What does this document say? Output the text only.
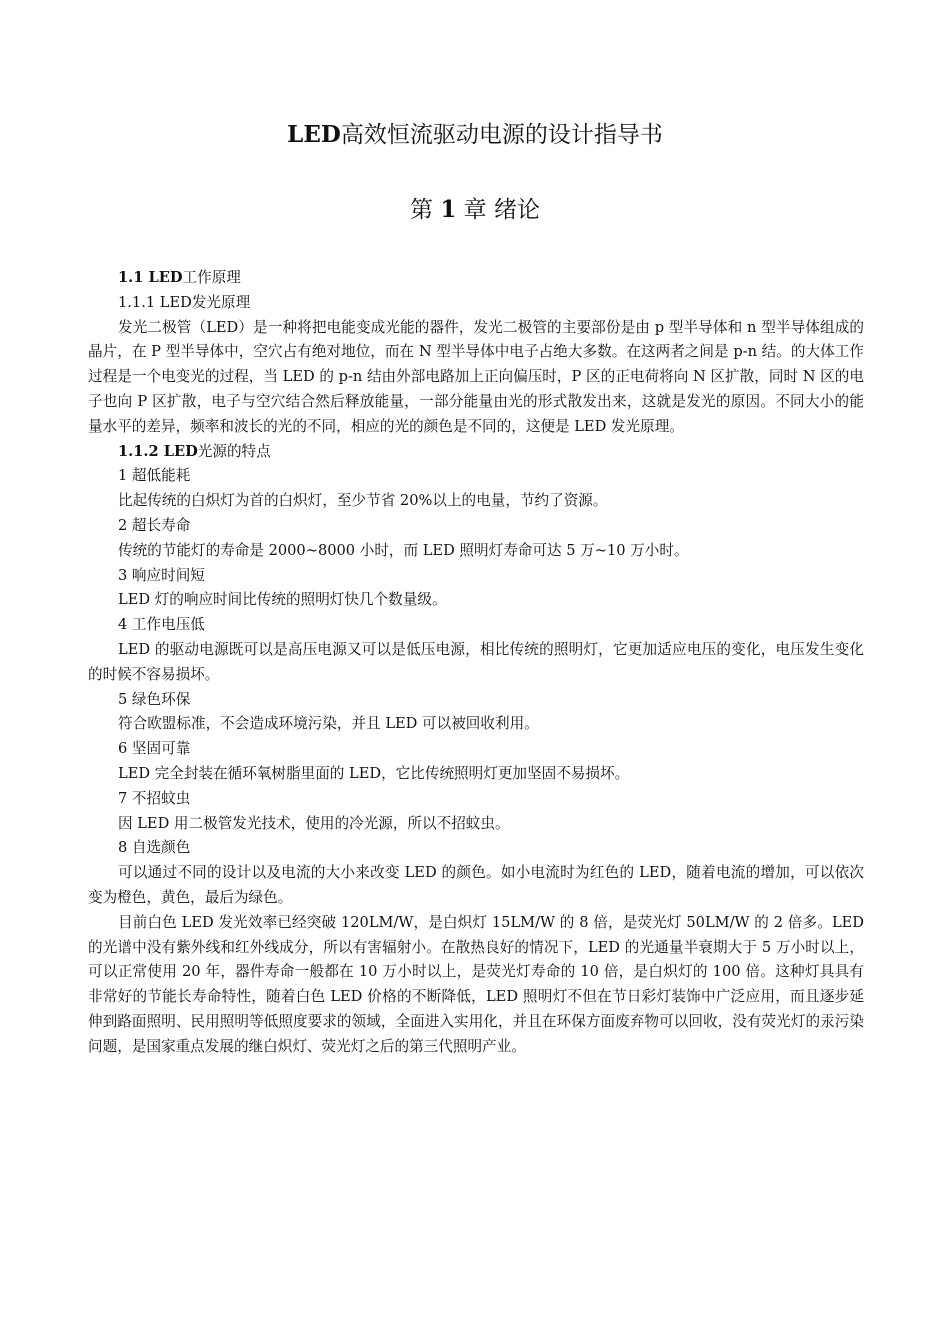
LED高效恒流驱动电源的设计指导书
第 1 章 绪论

1.1 LED工作原理

1.1.1 LED发光原理

发光二极管（LED）是一种将把电能变成光能的器件，发光二极管的主要部份是由 p 型半导体和 n 型半导体组成的晶片，在 P 型半导体中，空穴占有绝对地位，而在 N 型半导体中电子占绝大多数。在这两者之间是 p-n 结。的大体工作过程是一个电变光的过程，当 LED 的 p-n 结由外部电路加上正向偏压时，P 区的正电荷将向 N 区扩散，同时 N 区的电子也向 P 区扩散，电子与空穴结合然后释放能量，一部分能量由光的形式散发出来，这就是发光的原因。不同大小的能量水平的差异，频率和波长的光的不同，相应的光的颜色是不同的，这便是 LED 发光原理。

1.1.2 LED光源的特点

1 超低能耗

比起传统的白炽灯为首的白炽灯，至少节省 20%以上的电量，节约了资源。

2 超长寿命

传统的节能灯的寿命是 2000~8000 小时，而 LED 照明灯寿命可达 5 万~10 万小时。

3 响应时间短

LED 灯的响应时间比传统的照明灯快几个数量级。

4 工作电压低

LED 的驱动电源既可以是高压电源又可以是低压电源，相比传统的照明灯，它更加适应电压的变化，电压发生变化的时候不容易损坏。

5 绿色环保

符合欧盟标准，不会造成环境污染，并且 LED 可以被回收利用。

6 坚固可靠

LED 完全封装在循环氧树脂里面的 LED，它比传统照明灯更加坚固不易损坏。

7 不招蚊虫

因 LED 用二极管发光技术，使用的冷光源，所以不招蚊虫。

8 自选颜色

可以通过不同的设计以及电流的大小来改变 LED 的颜色。如小电流时为红色的 LED，随着电流的增加，可以依次变为橙色，黄色，最后为绿色。

目前白色 LED 发光效率已经突破 120LM/W，是白炽灯 15LM/W 的 8 倍，是荧光灯 50LM/W 的 2 倍多。LED 的光谱中没有紫外线和红外线成分，所以有害辐射小。在散热良好的情况下，LED 的光通量半衰期大于 5 万小时以上，可以正常使用 20 年，器件寿命一般都在 10 万小时以上，是荧光灯寿命的 10 倍，是白炽灯的 100 倍。这种灯具具有非常好的节能长寿命特性，随着白色 LED 价格的不断降低，LED 照明灯不但在节日彩灯装饰中广泛应用，而且逐步延伸到路面照明、民用照明等低照度要求的领域，全面进入实用化，并且在环保方面废弃物可以回收，没有荧光灯的汞污染问题，是国家重点发展的继白炽灯、荧光灯之后的第三代照明产业。
